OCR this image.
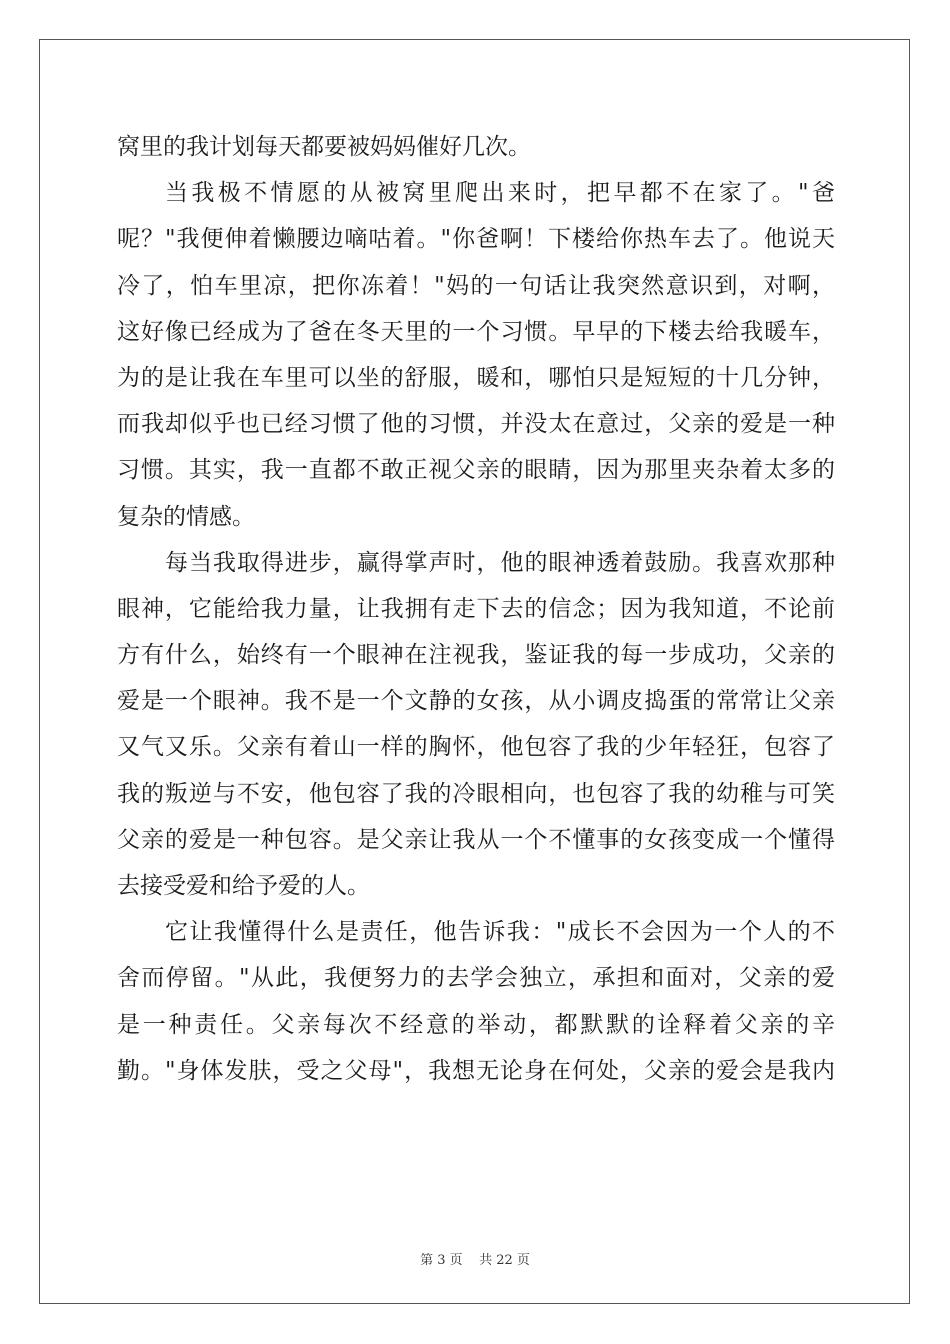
窝里的我计划每天都要被妈妈催好几次。
当我极不情愿的从被窝里爬出来时，把早都不在家了。"爸
呢？"我便伸着懒腰边嘀咕着。"你爸啊！下楼给你热车去了。他说天
冷了，怕车里凉，把你冻着！"妈的一句话让我突然意识到，对啊，
这好像已经成为了爸在冬天里的一个习惯。早早的下楼去给我暖车，
为的是让我在车里可以坐的舒服，暖和，哪怕只是短短的十几分钟，
而我却似乎也已经习惯了他的习惯，并没太在意过，父亲的爱是一种
习惯。其实，我一直都不敢正视父亲的眼睛，因为那里夹杂着太多的
复杂的情感。
每当我取得进步，赢得掌声时，他的眼神透着鼓励。我喜欢那种
眼神，它能给我力量，让我拥有走下去的信念；因为我知道，不论前
方有什么，始终有一个眼神在注视我，鉴证我的每一步成功，父亲的
爱是一个眼神。我不是一个文静的女孩，从小调皮捣蛋的常常让父亲
又气又乐。父亲有着山一样的胸怀，他包容了我的少年轻狂，包容了
我的叛逆与不安，他包容了我的冷眼相向，也包容了我的幼稚与可笑
父亲的爱是一种包容。是父亲让我从一个不懂事的女孩变成一个懂得
去接受爱和给予爱的人。
它让我懂得什么是责任，他告诉我："成长不会因为一个人的不
舍而停留。"从此，我便努力的去学会独立，承担和面对，父亲的爱
是一种责任。父亲每次不经意的举动，都默默的诠释着父亲的辛
勤。"身体发肤，受之父母"，我想无论身在何处，父亲的爱会是我内
第 3 页    共 22 页
